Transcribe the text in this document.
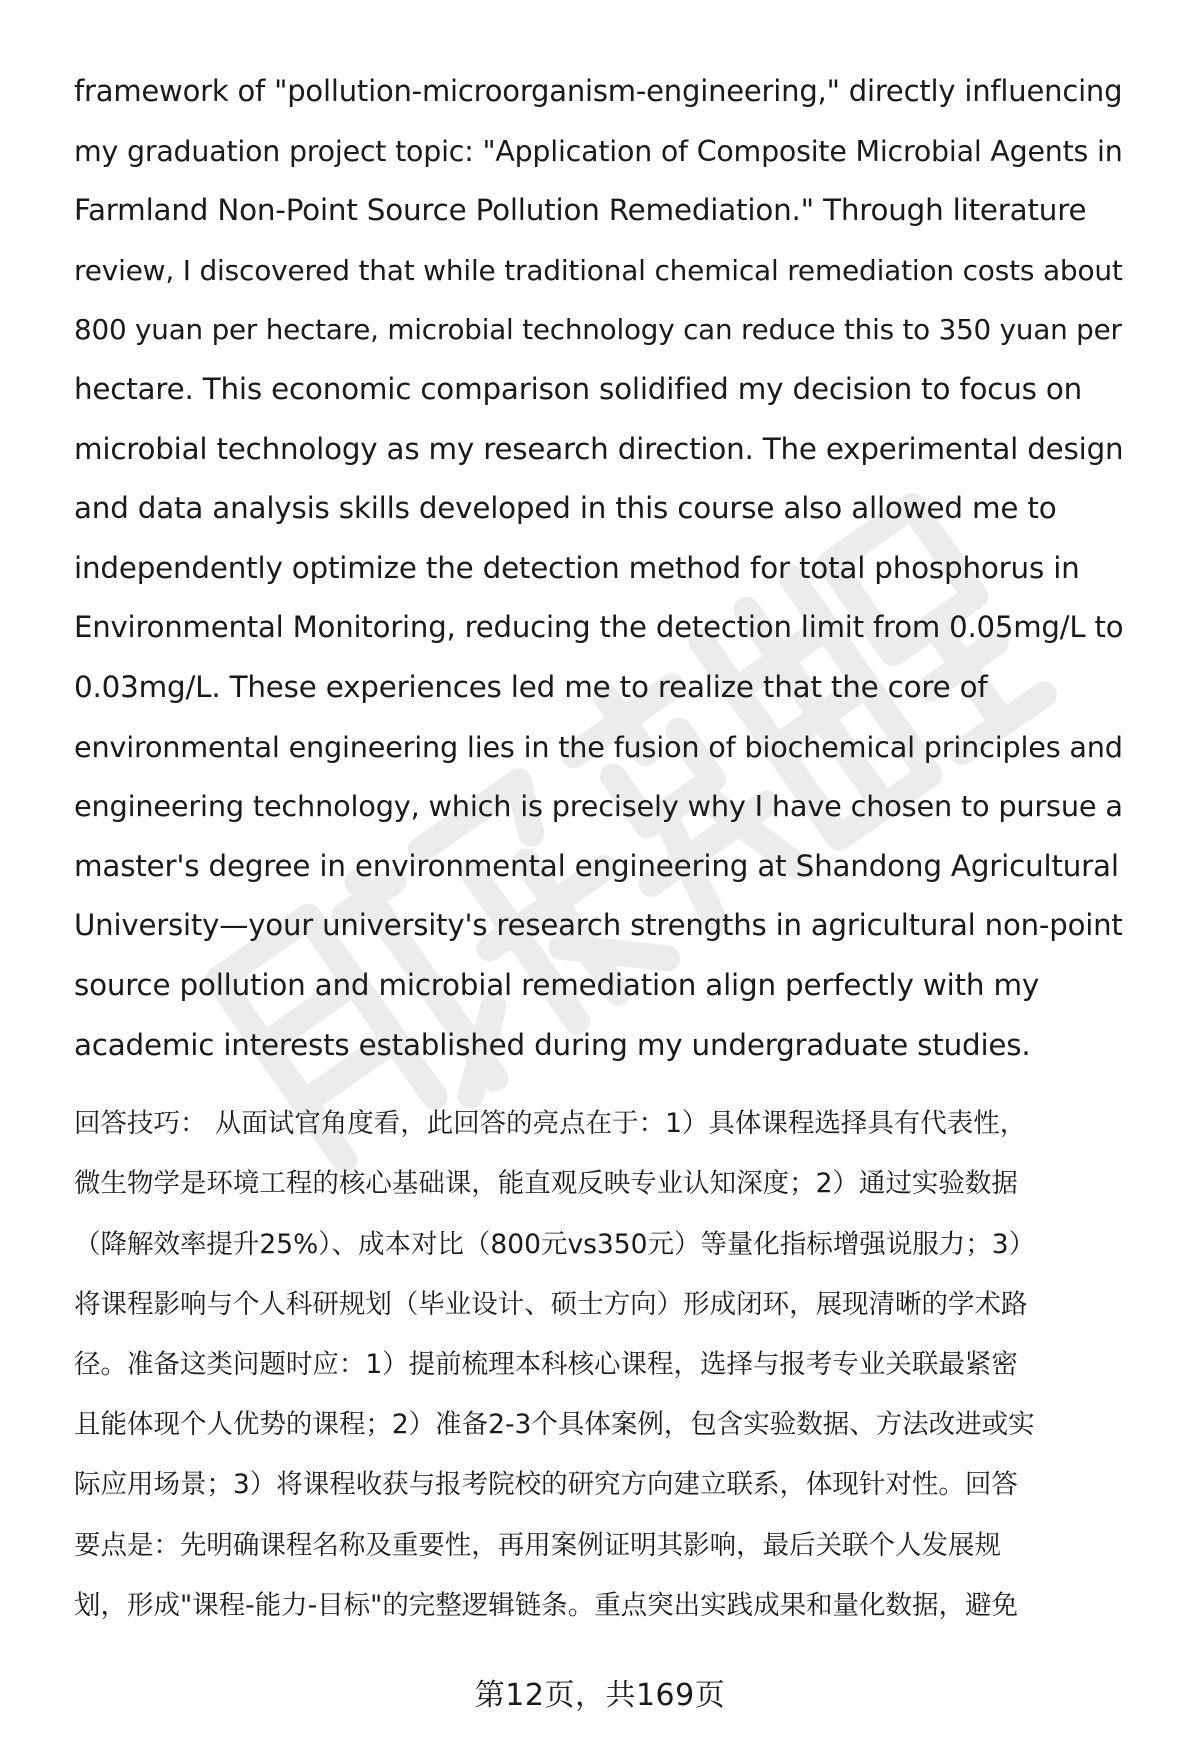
framework of "pollution-microorganism-engineering," directly influencing
my graduation project topic: "Application of Composite Microbial Agents in
Farmland Non-Point Source Pollution Remediation." Through literature
review, I discovered that while traditional chemical remediation costs about
800 yuan per hectare, microbial technology can reduce this to 350 yuan per
hectare. This economic comparison solidified my decision to focus on
microbial technology as my research direction. The experimental design
and data analysis skills developed in this course also allowed me to
independently optimize the detection method for total phosphorus in
Environmental Monitoring, reducing the detection limit from 0.05mg/L to
0.03mg/L. These experiences led me to realize that the core of
environmental engineering lies in the fusion of biochemical principles and
engineering technology, which is precisely why I have chosen to pursue a
master's degree in environmental engineering at Shandong Agricultural
University—your university's research strengths in agricultural non-point
source pollution and microbial remediation align perfectly with my
academic interests established during my undergraduate studies.
回答技巧： 从面试官角度看，此回答的亮点在于：1）具体课程选择具有代表性，
微生物学是环境工程的核心基础课，能直观反映专业认知深度；2）通过实验数据
（降解效率提升25%）、成本对比（800元vs350元）等量化指标增强说服力；3）
将课程影响与个人科研规划（毕业设计、硕士方向）形成闭环，展现清晰的学术路
径。准备这类问题时应：1）提前梳理本科核心课程，选择与报考专业关联最紧密
且能体现个人优势的课程；2）准备2-3个具体案例，包含实验数据、方法改进或实
际应用场景；3）将课程收获与报考院校的研究方向建立联系，体现针对性。回答
要点是：先明确课程名称及重要性，再用案例证明其影响，最后关联个人发展规
划，形成"课程-能力-目标"的完整逻辑链条。重点突出实践成果和量化数据，避免
第12页，共169页
